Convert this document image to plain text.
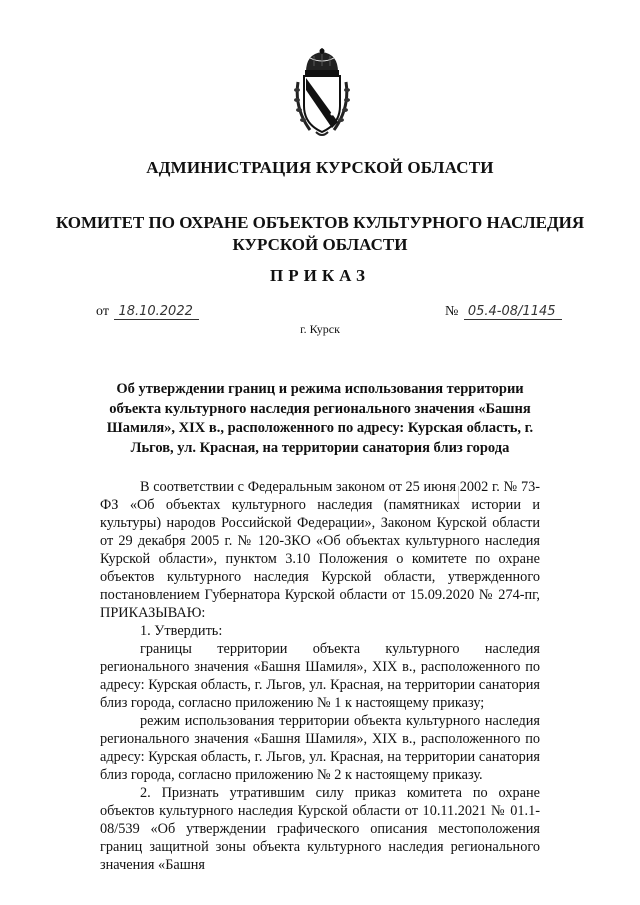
АДМИНИСТРАЦИЯ КУРСКОЙ ОБЛАСТИ
КОМИТЕТ ПО ОХРАНЕ ОБЪЕКТОВ КУЛЬТУРНОГО НАСЛЕДИЯ
КУРСКОЙ ОБЛАСТИ
ПРИКАЗ
от 18.10.2022	№ 05.4-08/1145
г. Курск
Об утверждении границ и режима использования территории объекта культурного наследия регионального значения «Башня Шамиля», XIX в., расположенного по адресу: Курская область, г. Льгов, ул. Красная, на территории санатория близ города

В соответствии с Федеральным законом от 25 июня 2002 г. № 73-ФЗ «Об объектах культурного наследия (памятниках истории и культуры) народов Российской Федерации», Законом Курской области от 29 декабря 2005 г. № 120-ЗКО «Об объектах культурного наследия Курской области», пунктом 3.10 Положения о комитете по охране объектов культурного наследия Курской области, утвержденного постановлением Губернатора Курской области от 15.09.2020 № 274-пг, ПРИКАЗЫВАЮ:

1. Утвердить:

границы территории объекта культурного наследия регионального значения «Башня Шамиля», XIX в., расположенного по адресу: Курская область, г. Льгов, ул. Красная, на территории санатория близ города, согласно приложению № 1 к настоящему приказу;

режим использования территории объекта культурного наследия регионального значения «Башня Шамиля», XIX в., расположенного по адресу: Курская область, г. Льгов, ул. Красная, на территории санатория близ города, согласно приложению № 2 к настоящему приказу.

2. Признать утратившим силу приказ комитета по охране объектов культурного наследия Курской области от 10.11.2021 № 01.1-08/539 «Об утверждении графического описания местоположения границ защитной зоны объекта культурного наследия регионального значения «Башня
